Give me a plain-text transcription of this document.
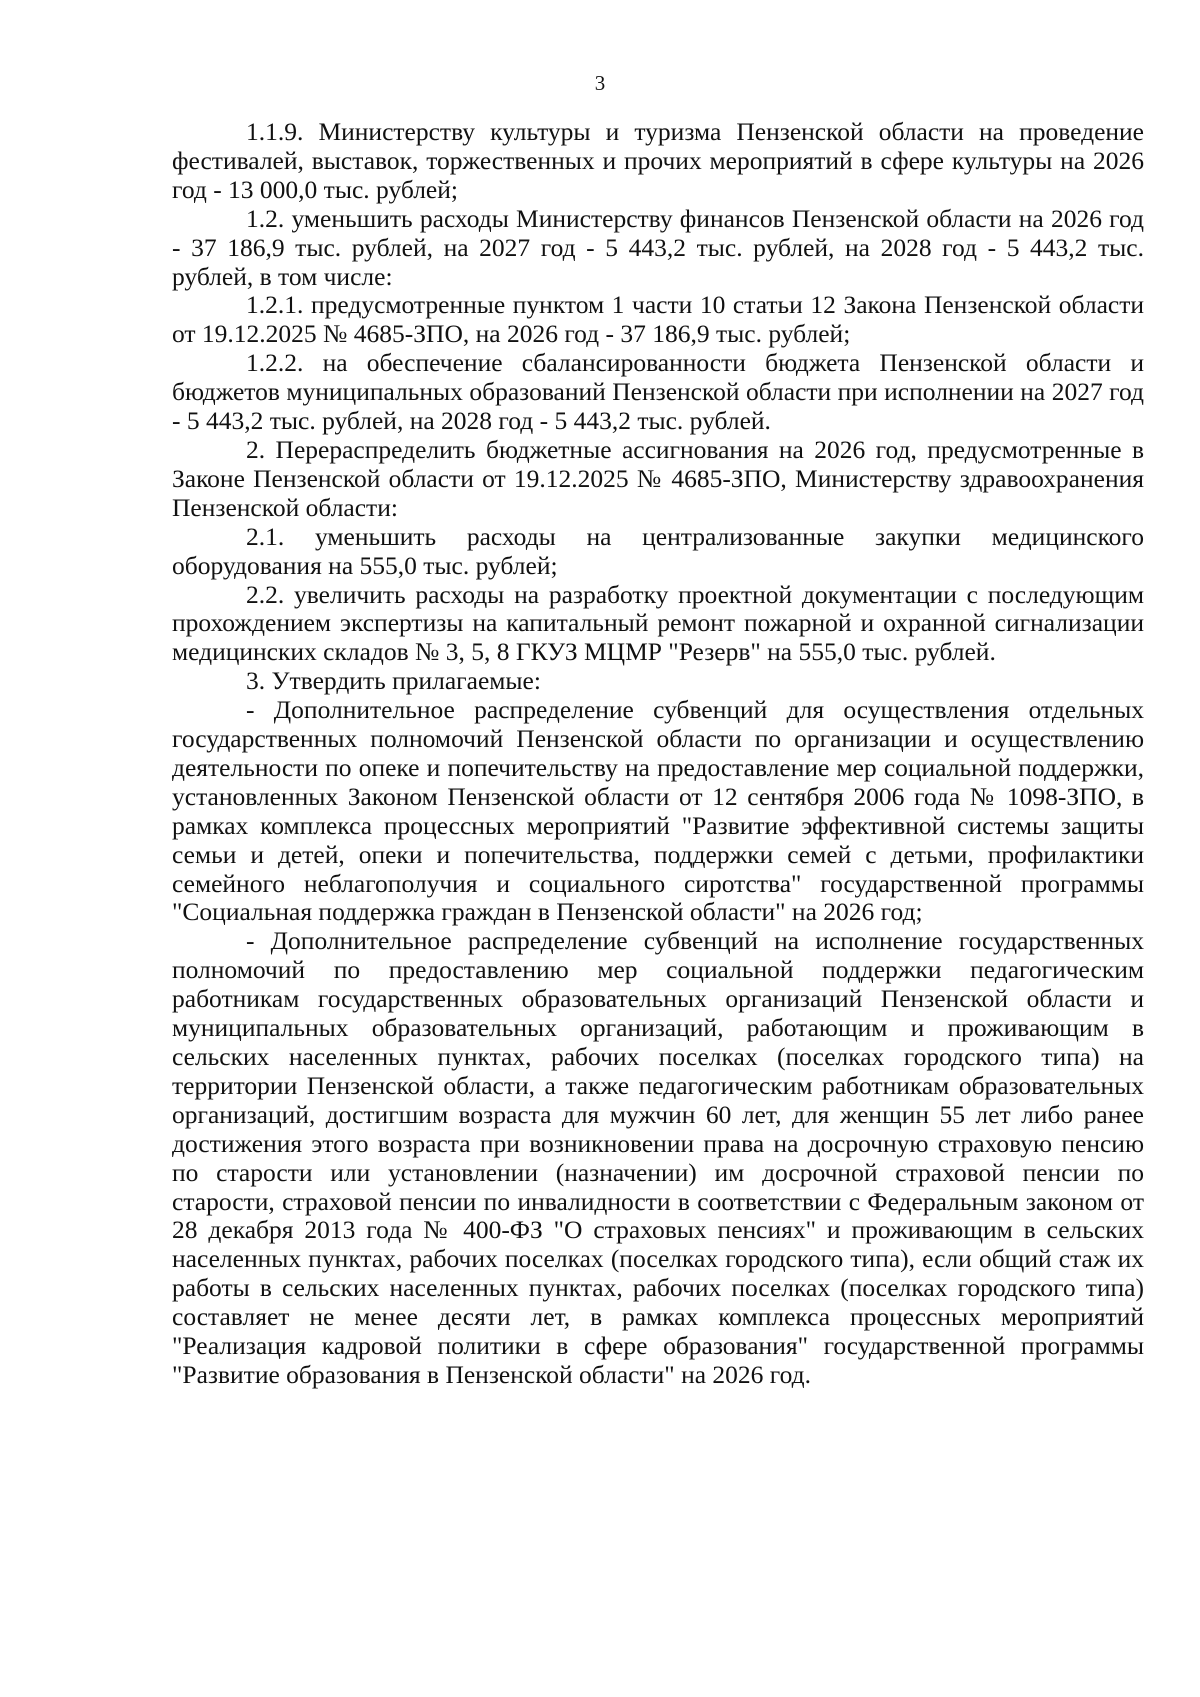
3

1.1.9. Министерству культуры и туризма Пензенской области на проведение фестивалей, выставок, торжественных и прочих мероприятий в сфере культуры на 2026 год - 13 000,0 тыс. рублей;

1.2. уменьшить расходы Министерству финансов Пензенской области на 2026 год - 37 186,9 тыс. рублей, на 2027 год - 5 443,2 тыс. рублей, на 2028 год - 5 443,2 тыс. рублей, в том числе:

1.2.1. предусмотренные пунктом 1 части 10 статьи 12 Закона Пензенской области от 19.12.2025 № 4685-ЗПО, на 2026 год - 37 186,9 тыс. рублей;

1.2.2. на обеспечение сбалансированности бюджета Пензенской области и бюджетов муниципальных образований Пензенской области при исполнении на 2027 год - 5 443,2 тыс. рублей, на 2028 год - 5 443,2 тыс. рублей.

2. Перераспределить бюджетные ассигнования на 2026 год, предусмотренные в Законе Пензенской области от 19.12.2025 № 4685-ЗПО, Министерству здравоохранения Пензенской области:

2.1. уменьшить расходы на централизованные закупки медицинского оборудования на 555,0 тыс. рублей;

2.2. увеличить расходы на разработку проектной документации с последующим прохождением экспертизы на капитальный ремонт пожарной и охранной сигнализации медицинских складов № 3, 5, 8 ГКУЗ МЦМР "Резерв" на 555,0 тыс. рублей.

3. Утвердить прилагаемые:

- Дополнительное распределение субвенций для осуществления отдельных государственных полномочий Пензенской области по организации и осуществлению деятельности по опеке и попечительству на предоставление мер социальной поддержки, установленных Законом Пензенской области от 12 сентября 2006 года № 1098-ЗПО, в рамках комплекса процессных мероприятий "Развитие эффективной системы защиты семьи и детей, опеки и попечительства, поддержки семей с детьми, профилактики семейного неблагополучия и социального сиротства" государственной программы "Социальная поддержка граждан в Пензенской области" на 2026 год;

- Дополнительное распределение субвенций на исполнение государственных полномочий по предоставлению мер социальной поддержки педагогическим работникам государственных образовательных организаций Пензенской области и муниципальных образовательных организаций, работающим и проживающим в сельских населенных пунктах, рабочих поселках (поселках городского типа) на территории Пензенской области, а также педагогическим работникам образовательных организаций, достигшим возраста для мужчин 60 лет, для женщин 55 лет либо ранее достижения этого возраста при возникновении права на досрочную страховую пенсию по старости или установлении (назначении) им досрочной страховой пенсии по старости, страховой пенсии по инвалидности в соответствии с Федеральным законом от 28 декабря 2013 года № 400-ФЗ "О страховых пенсиях" и проживающим в сельских населенных пунктах, рабочих поселках (поселках городского типа), если общий стаж их работы в сельских населенных пунктах, рабочих поселках (поселках городского типа) составляет не менее десяти лет, в рамках комплекса процессных мероприятий "Реализация кадровой политики в сфере образования" государственной программы "Развитие образования в Пензенской области" на 2026 год.
